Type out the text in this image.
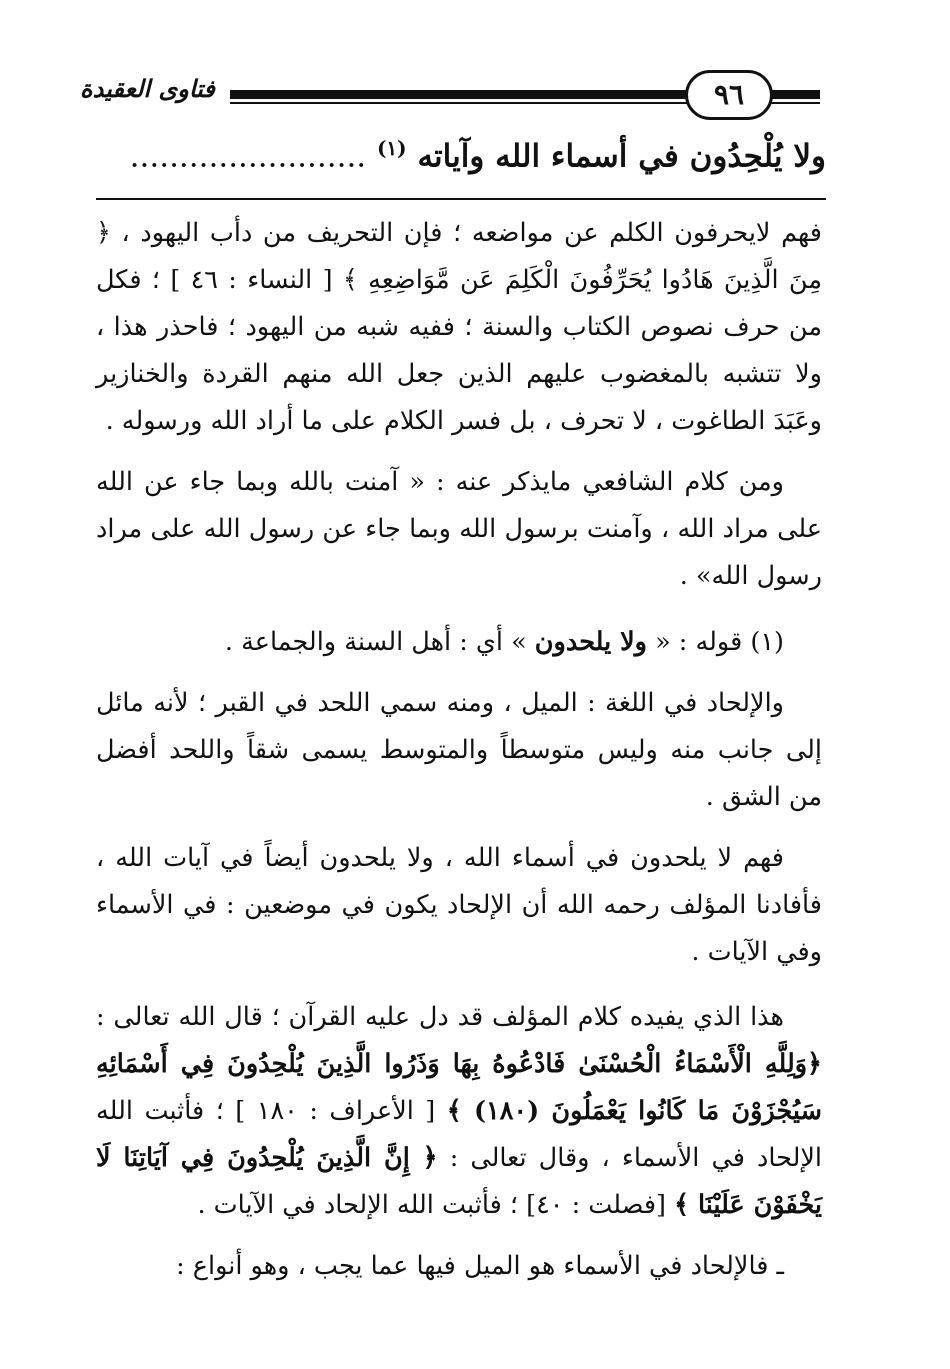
فتاوى العقيدة	٩٦
ولا يُلْحِدُون في أسماء الله وآياته $^{(١)}$ ........................

فهم لايحرفون الكلم عن مواضعه ؛ فإن التحريف من دأب اليهود ، ﴿ مِنَ الَّذِينَ هَادُوا يُحَرِّفُونَ الْكَلِمَ عَن مَّوَاضِعِهِ ﴾ [ النساء : ٤٦ ] ؛ فكل من حرف نصوص الكتاب والسنة ؛ ففيه شبه من اليهود ؛ فاحذر هذا ، ولا تتشبه بالمغضوب عليهم الذين جعل الله منهم القردة والخنازير وعَبَدَ الطاغوت ، لا تحرف ، بل فسر الكلام على ما أراد الله ورسوله .

ومن كلام الشافعي مايذكر عنه : « آمنت بالله وبما جاء عن الله على مراد الله ، وآمنت برسول الله وبما جاء عن رسول الله على مراد رسول الله» .

(١) قوله : « ولا يلحدون » أي : أهل السنة والجماعة .

والإلحاد في اللغة : الميل ، ومنه سمي اللحد في القبر ؛ لأنه مائل إلى جانب منه وليس متوسطاً والمتوسط يسمى شقاً واللحد أفضل من الشق .

فهم لا يلحدون في أسماء الله ، ولا يلحدون أيضاً في آيات الله ، فأفادنا المؤلف رحمه الله أن الإلحاد يكون في موضعين : في الأسماء وفي الآيات .

هذا الذي يفيده كلام المؤلف قد دل عليه القرآن ؛ قال الله تعالى : ﴿وَلِلَّهِ الْأَسْمَاءُ الْحُسْنَىٰ فَادْعُوهُ بِهَا وَذَرُوا الَّذِينَ يُلْحِدُونَ فِي أَسْمَائِهِ سَيُجْزَوْنَ مَا كَانُوا يَعْمَلُونَ (١٨٠) ﴾ [ الأعراف : ١٨٠ ] ؛ فأثبت الله الإلحاد في الأسماء ، وقال تعالى : ﴿ إِنَّ الَّذِينَ يُلْحِدُونَ فِي آيَاتِنَا لَا يَخْفَوْنَ عَلَيْنَا ﴾ [فصلت : ٤٠] ؛ فأثبت الله الإلحاد في الآيات .

ـ فالإلحاد في الأسماء هو الميل فيها عما يجب ، وهو أنواع :
